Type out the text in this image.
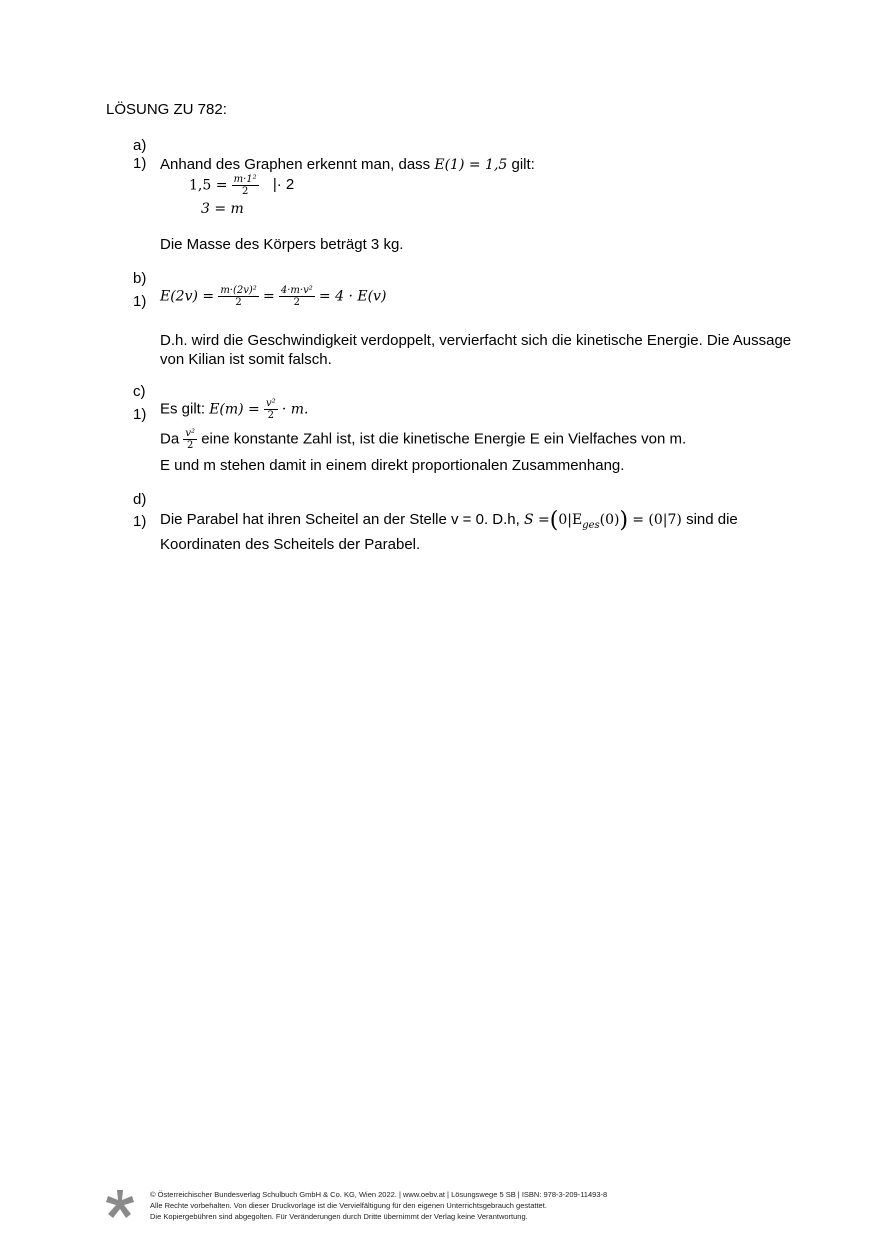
LÖSUNG ZU 782:
a)
1) Anhand des Graphen erkennt man, dass E(1) = 1,5 gilt:
$1,5 = \frac{\text{m·1²}}{2}$ |· 2
3 = m
Die Masse des Körpers beträgt 3 kg.
b)
1) $E(2v) = \frac{\text{m·(2v)²}}{2} = \frac{\text{4·m·v²}}{2} = 4 \cdot E(v)$
D.h. wird die Geschwindigkeit verdoppelt, vervierfacht sich die kinetische Energie. Die Aussage von Kilian ist somit falsch.
c)
1) Es gilt: $E(m) = \frac{\text{v²}}{2} \cdot m$.
Da $\frac{\text{v²}}{2}$ eine konstante Zahl ist, ist die kinetische Energie E ein Vielfaches von m.
E und m stehen damit in einem direkt proportionalen Zusammenhang.
d)
1) Die Parabel hat ihren Scheitel an der Stelle v = 0. D.h, $S =(0|E_{ges}(0)) = (0|7)$ sind die
Koordinaten des Scheitels der Parabel.
© Österreichischer Bundesverlag Schulbuch GmbH & Co. KG, Wien 2022. | www.oebv.at | Lösungswege 5 SB | ISBN: 978-3-209-11493-8
Alle Rechte vorbehalten. Von dieser Druckvorlage ist die Vervielfältigung für den eigenen Unterrichtsgebrauch gestattet.
Die Kopiergebühren sind abgegolten. Für Veränderungen durch Dritte übernimmt der Verlag keine Verantwortung.
